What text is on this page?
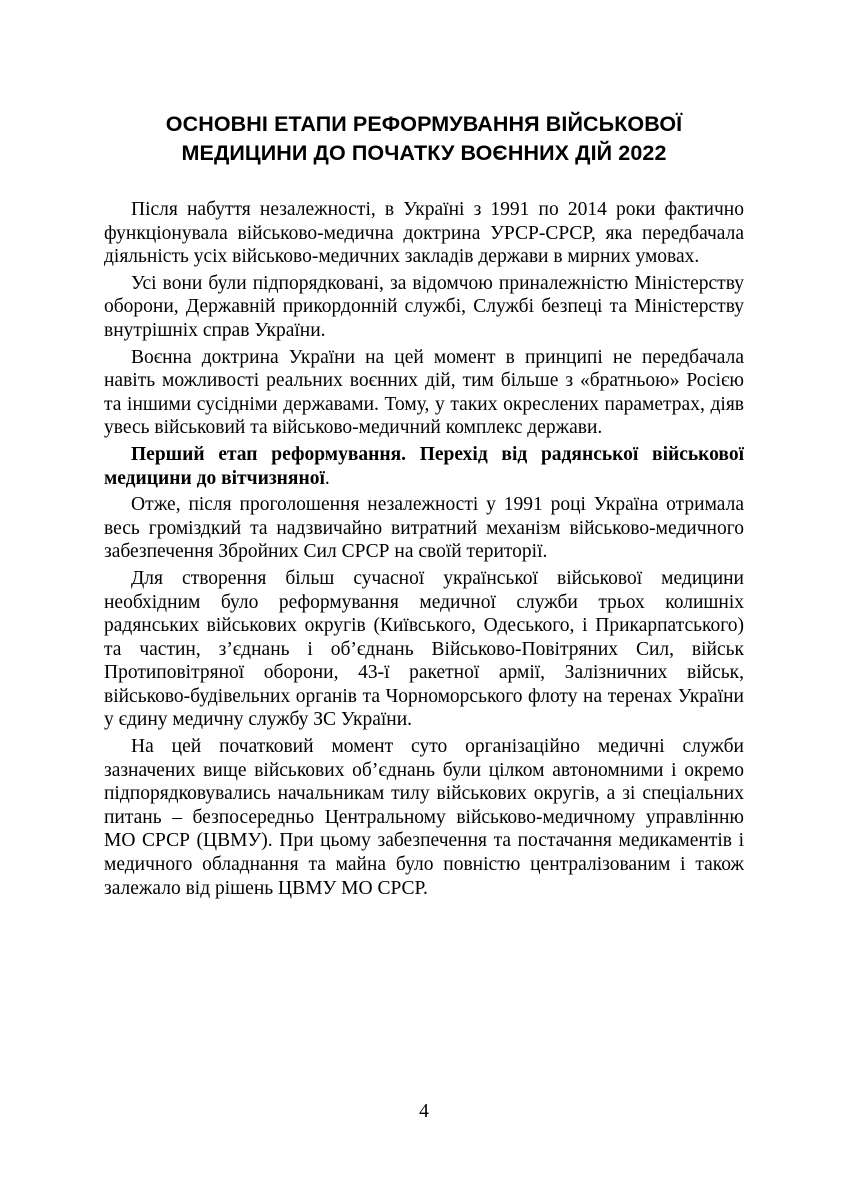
ОСНОВНІ ЕТАПИ РЕФОРМУВАННЯ ВІЙСЬКОВОЇ
МЕДИЦИНИ ДО ПОЧАТКУ ВОЄННИХ ДІЙ 2022

Після набуття незалежності, в Україні з 1991 по 2014 роки фактично функціонувала військово-медична доктрина УРСР-СРСР, яка передбачала діяльність усіх військово-медичних закладів держави в мирних умовах.

Усі вони були підпорядковані, за відомчою приналежністю Міністерству оборони, Державній прикордонній службі, Службі безпеці та Міністерству внутрішніх справ України.

Воєнна доктрина України на цей момент в принципі не передбачала навіть можливості реальних воєнних дій, тим більше з «братньою» Росією та іншими сусідніми державами. Тому, у таких окреслених параметрах, діяв увесь військовий та військово-медичний комплекс держави.

Перший етап реформування. Перехід від радянської військової медицини до вітчизняної.

Отже, після проголошення незалежності у 1991 році Україна отримала весь громіздкий та надзвичайно витратний механізм військово-медичного забезпечення Збройних Сил СРСР на своїй території.

Для створення більш сучасної української військової медицини необхідним було реформування медичної служби трьох колишніх радянських військових округів (Київського, Одеського, і Прикарпатського) та частин, з’єднань і об’єднань Військово-Повітряних Сил, військ Протиповітряної оборони, 43-ї ракетної армії, Залізничних військ, військово-будівельних органів та Чорноморського флоту на теренах України у єдину медичну службу ЗС України.

На цей початковий момент суто організаційно медичні служби зазначених вище військових об’єднань були цілком автономними і окремо підпорядковувались начальникам тилу військових округів, а зі спеціальних питань – безпосередньо Центральному військово-медичному управлінню МО СРСР (ЦВМУ). При цьому забезпечення та постачання медикаментів і медичного обладнання та майна було повністю централізованим і також залежало від рішень ЦВМУ МО СРСР.

4
